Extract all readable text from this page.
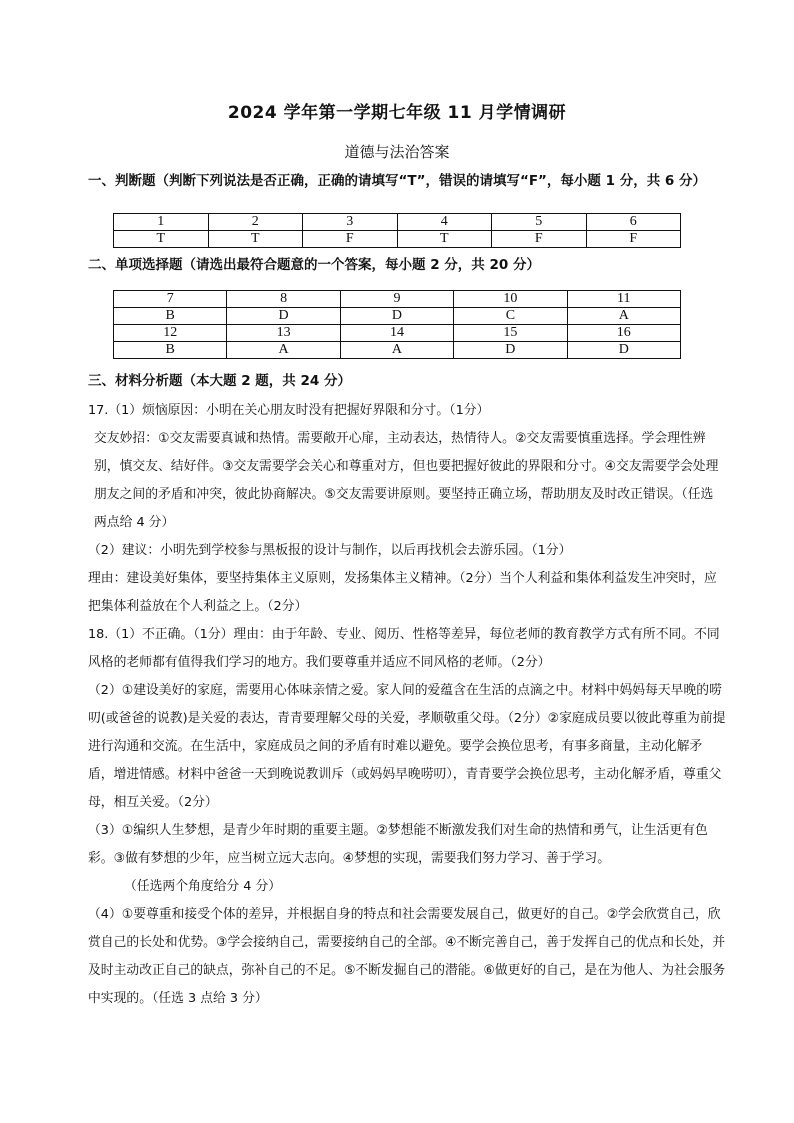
2024 学年第一学期七年级 11 月学情调研
道德与法治答案
一、判断题（判断下列说法是否正确，正确的请填写“T”，错误的请填写“F”，每小题 1 分，共 6 分）
1	2	3	4	5	6
T	T	F	T	F	F
二、单项选择题（请选出最符合题意的一个答案，每小题 2 分，共 20 分）
7	8	9	10	11
B	D	D	C	A
12	13	14	15	16
B	A	A	D	D
三、材料分析题（本大题 2 题，共 24 分）

17.（1）烦恼原因：小明在关心朋友时没有把握好界限和分寸。（1分）

交友妙招：①交友需要真诚和热情。需要敞开心扉，主动表达，热情待人。②交友需要慎重选择。学会理性辨别，慎交友、结好伴。③交友需要学会关心和尊重对方，但也要把握好彼此的界限和分寸。④交友需要学会处理朋友之间的矛盾和冲突，彼此协商解决。⑤交友需要讲原则。要坚持正确立场，帮助朋友及时改正错误。（任选两点给 4 分）

（2）建议：小明先到学校参与黑板报的设计与制作，以后再找机会去游乐园。（1分）

理由：建设美好集体，要坚持集体主义原则，发扬集体主义精神。（2分）当个人利益和集体利益发生冲突时，应把集体利益放在个人利益之上。（2分）

18.（1）不正确。（1分）理由：由于年龄、专业、阅历、性格等差异，每位老师的教育教学方式有所不同。不同风格的老师都有值得我们学习的地方。我们要尊重并适应不同风格的老师。（2分）

（2）①建设美好的家庭，需要用心体味亲情之爱。家人间的爱蕴含在生活的点滴之中。材料中妈妈每天早晚的唠叨(或爸爸的说教)是关爱的表达，青青要理解父母的关爱，孝顺敬重父母。（2分）②家庭成员要以彼此尊重为前提进行沟通和交流。在生活中，家庭成员之间的矛盾有时难以避免。要学会换位思考，有事多商量，主动化解矛盾，增进情感。材料中爸爸一天到晚说教训斥（或妈妈早晚唠叨），青青要学会换位思考，主动化解矛盾，尊重父母，相互关爱。（2分）

（3）①编织人生梦想，是青少年时期的重要主题。②梦想能不断激发我们对生命的热情和勇气，让生活更有色彩。③做有梦想的少年，应当树立远大志向。④梦想的实现，需要我们努力学习、善于学习。

（任选两个角度给分 4 分）

（4）①要尊重和接受个体的差异，并根据自身的特点和社会需要发展自己，做更好的自己。②学会欣赏自己，欣赏自己的长处和优势。③学会接纳自己，需要接纳自己的全部。④不断完善自己，善于发挥自己的优点和长处，并及时主动改正自己的缺点，弥补自己的不足。⑤不断发掘自己的潜能。⑥做更好的自己，是在为他人、为社会服务中实现的。（任选 3 点给 3 分）
